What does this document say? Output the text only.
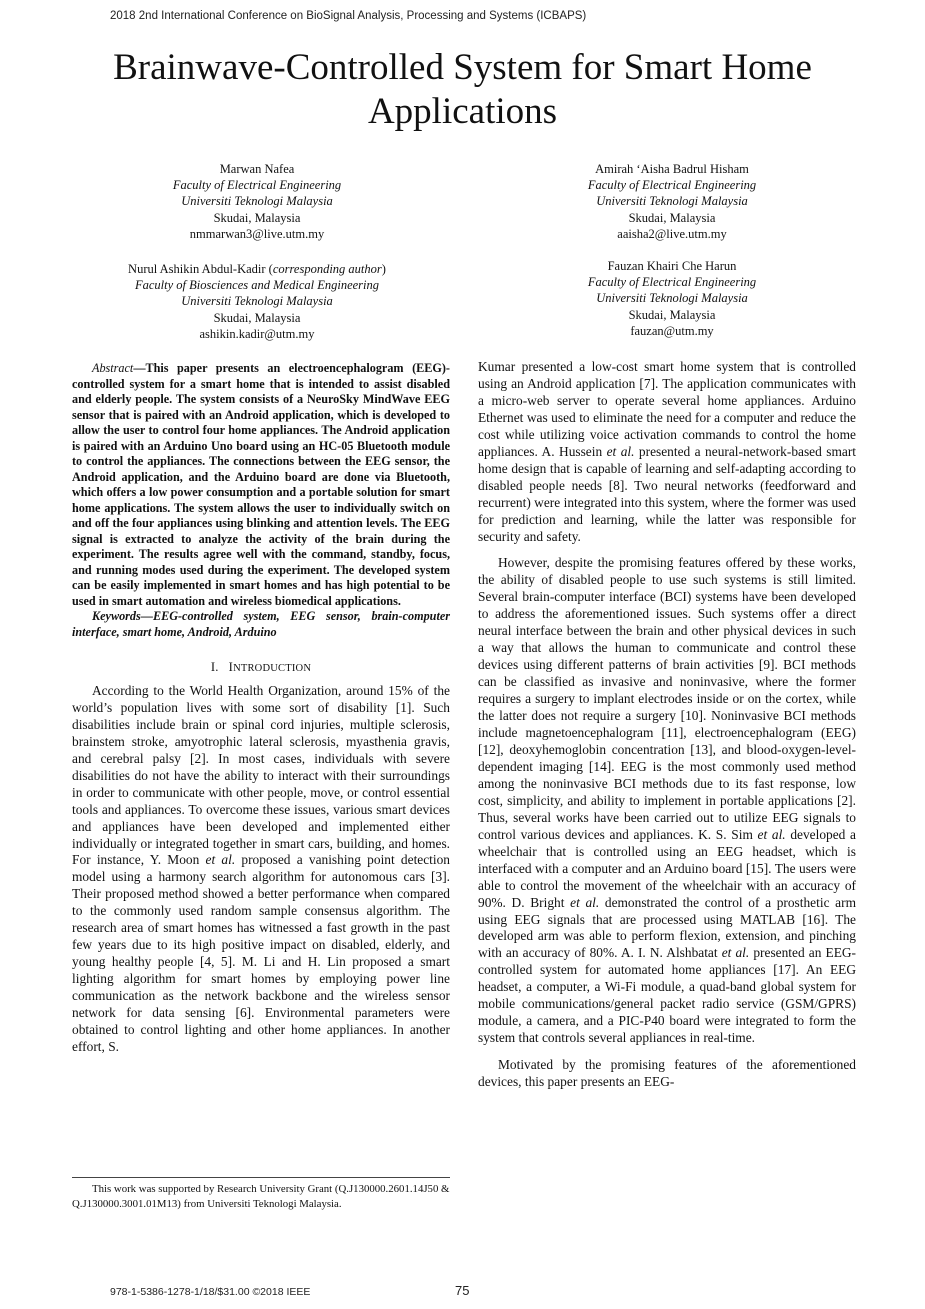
2018 2nd International Conference on BioSignal Analysis, Processing and Systems (ICBAPS)
Brainwave-Controlled System for Smart Home
Applications
Marwan Nafea
Faculty of Electrical Engineering
Universiti Teknologi Malaysia
Skudai, Malaysia
nmmarwan3@live.utm.my
Amirah ‘Aisha Badrul Hisham
Faculty of Electrical Engineering
Universiti Teknologi Malaysia
Skudai, Malaysia
aaisha2@live.utm.my
Nurul Ashikin Abdul-Kadir (corresponding author)
Faculty of Biosciences and Medical Engineering
Universiti Teknologi Malaysia
Skudai, Malaysia
ashikin.kadir@utm.my
Fauzan Khairi Che Harun
Faculty of Electrical Engineering
Universiti Teknologi Malaysia
Skudai, Malaysia
fauzan@utm.my

Abstract—This paper presents an electroencephalogram (EEG)-controlled system for a smart home that is intended to assist disabled and elderly people. The system consists of a NeuroSky MindWave EEG sensor that is paired with an Android application, which is developed to allow the user to control four home appliances. The Android application is paired with an Arduino Uno board using an HC-05 Bluetooth module to control the appliances. The connections between the EEG sensor, the Android application, and the Arduino board are done via Bluetooth, which offers a low power consumption and a portable solution for smart home applications. The system allows the user to individually switch on and off the four appliances using blinking and attention levels. The EEG signal is extracted to analyze the activity of the brain during the experiment. The results agree well with the command, standby, focus, and running modes used during the experiment. The developed system can be easily implemented in smart homes and has high potential to be used in smart automation and wireless biomedical applications.

Keywords—EEG-controlled system, EEG sensor, brain-computer interface, smart home, Android, Arduino

I. INTRODUCTION

According to the World Health Organization, around 15% of the world’s population lives with some sort of disability [1]. Such disabilities include brain or spinal cord injuries, multiple sclerosis, brainstem stroke, amyotrophic lateral sclerosis, myasthenia gravis, and cerebral palsy [2]. In most cases, individuals with severe disabilities do not have the ability to interact with their surroundings in order to communicate with other people, move, or control essential tools and appliances. To overcome these issues, various smart devices and appliances have been developed and implemented either individually or integrated together in smart cars, building, and homes. For instance, Y. Moon et al. proposed a vanishing point detection model using a harmony search algorithm for autonomous cars [3]. Their proposed method showed a better performance when compared to the commonly used random sample consensus algorithm. The research area of smart homes has witnessed a fast growth in the past few years due to its high positive impact on disabled, elderly, and young healthy people [4, 5]. M. Li and H. Lin proposed a smart lighting algorithm for smart homes by employing power line communication as the network backbone and the wireless sensor network for data sensing [6]. Environmental parameters were obtained to control lighting and other home appliances. In another effort, S.

This work was supported by Research University Grant (Q.J130000.2601.14J50 & Q.J130000.3001.01M13) from Universiti Teknologi Malaysia.

Kumar presented a low-cost smart home system that is controlled using an Android application [7]. The application communicates with a micro-web server to operate several home appliances. Arduino Ethernet was used to eliminate the need for a computer and reduce the cost while utilizing voice activation commands to control the home appliances. A. Hussein et al. presented a neural-network-based smart home design that is capable of learning and self-adapting according to disabled people needs [8]. Two neural networks (feedforward and recurrent) were integrated into this system, where the former was used for prediction and learning, while the latter was responsible for security and safety.

However, despite the promising features offered by these works, the ability of disabled people to use such systems is still limited. Several brain-computer interface (BCI) systems have been developed to address the aforementioned issues. Such systems offer a direct neural interface between the brain and other physical devices in such a way that allows the human to communicate and control these devices using different patterns of brain activities [9]. BCI methods can be classified as invasive and noninvasive, where the former requires a surgery to implant electrodes inside or on the cortex, while the latter does not require a surgery [10]. Noninvasive BCI methods include magnetoencephalogram [11], electroencephalogram (EEG) [12], deoxyhemoglobin concentration [13], and blood-oxygen-level-dependent imaging [14]. EEG is the most commonly used method among the noninvasive BCI methods due to its fast response, low cost, simplicity, and ability to implement in portable applications [2]. Thus, several works have been carried out to utilize EEG signals to control various devices and appliances. K. S. Sim et al. developed a wheelchair that is controlled using an EEG headset, which is interfaced with a computer and an Arduino board [15]. The users were able to control the movement of the wheelchair with an accuracy of 90%. D. Bright et al. demonstrated the control of a prosthetic arm using EEG signals that are processed using MATLAB [16]. The developed arm was able to perform flexion, extension, and pinching with an accuracy of 80%. A. I. N. Alshbatat et al. presented an EEG-controlled system for automated home appliances [17]. An EEG headset, a computer, a Wi-Fi module, a quad-band global system for mobile communications/general packet radio service (GSM/GPRS) module, a camera, and a PIC-P40 board were integrated to form the system that controls several appliances in real-time.

Motivated by the promising features of the aforementioned devices, this paper presents an EEG-

978-1-5386-1278-1/18/$31.00 ©2018 IEEE	75
